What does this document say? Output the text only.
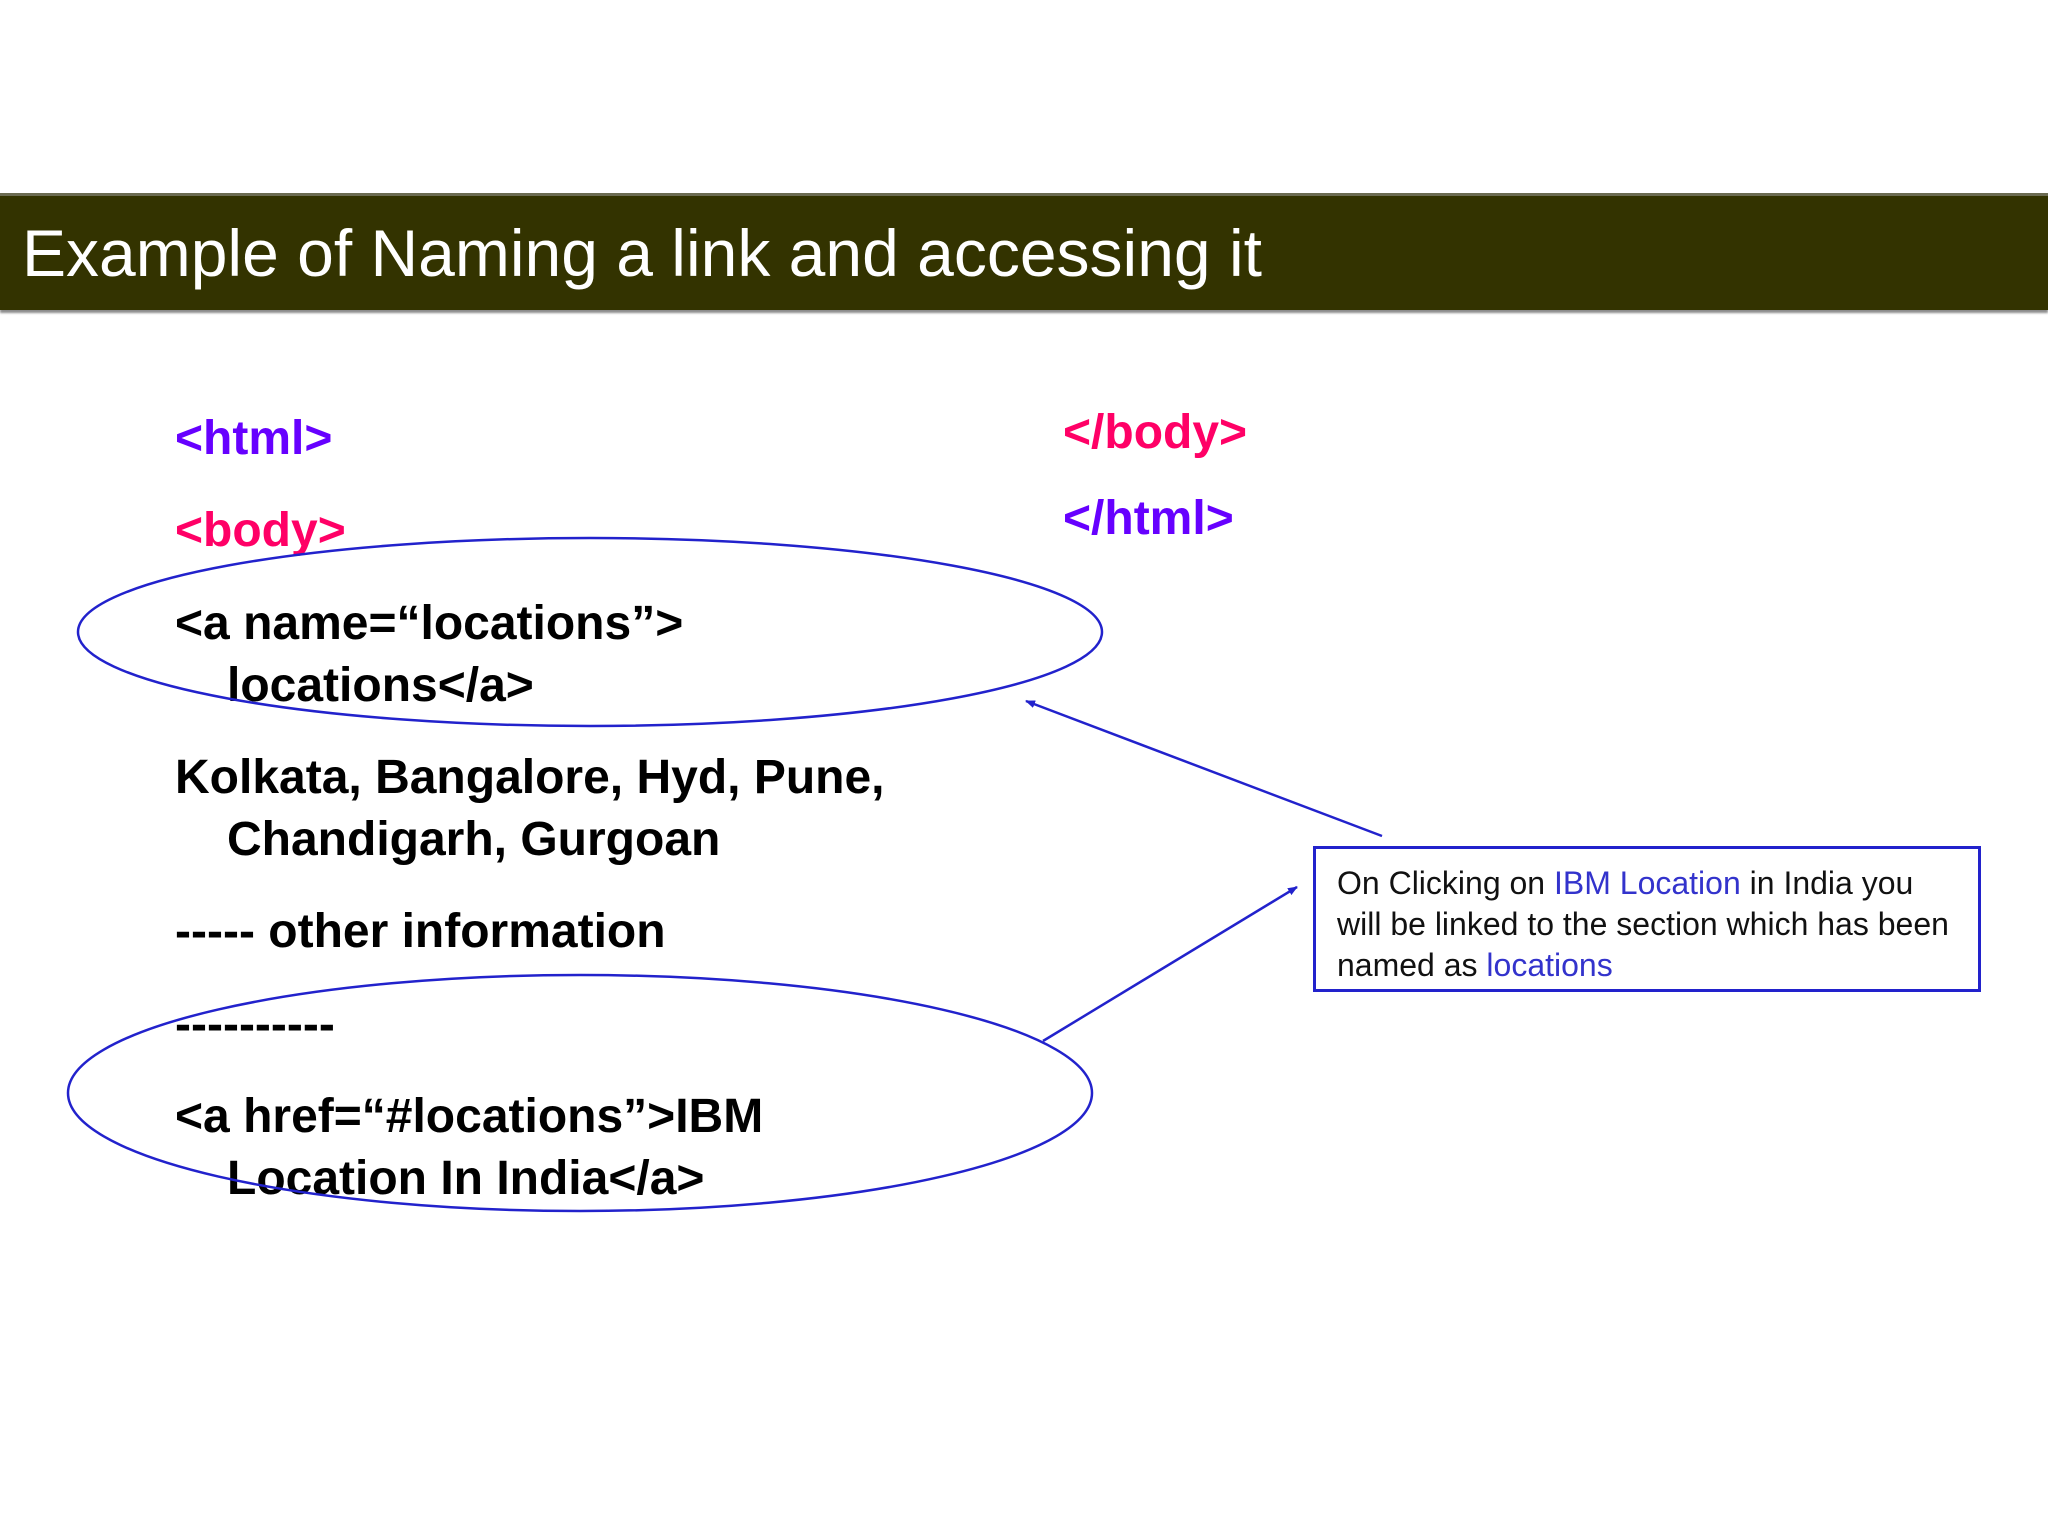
Example of Naming a link and accessing it
<html>
<body>
<a name=“locations”>
locations</a>
Kolkata, Bangalore, Hyd, Pune,
Chandigarh, Gurgoan
----- other information
----------
<a href=“#locations”>IBM
Location In India</a>
</body>
</html>
On Clicking on IBM Location in India you will be linked to the section which has been named as locations
